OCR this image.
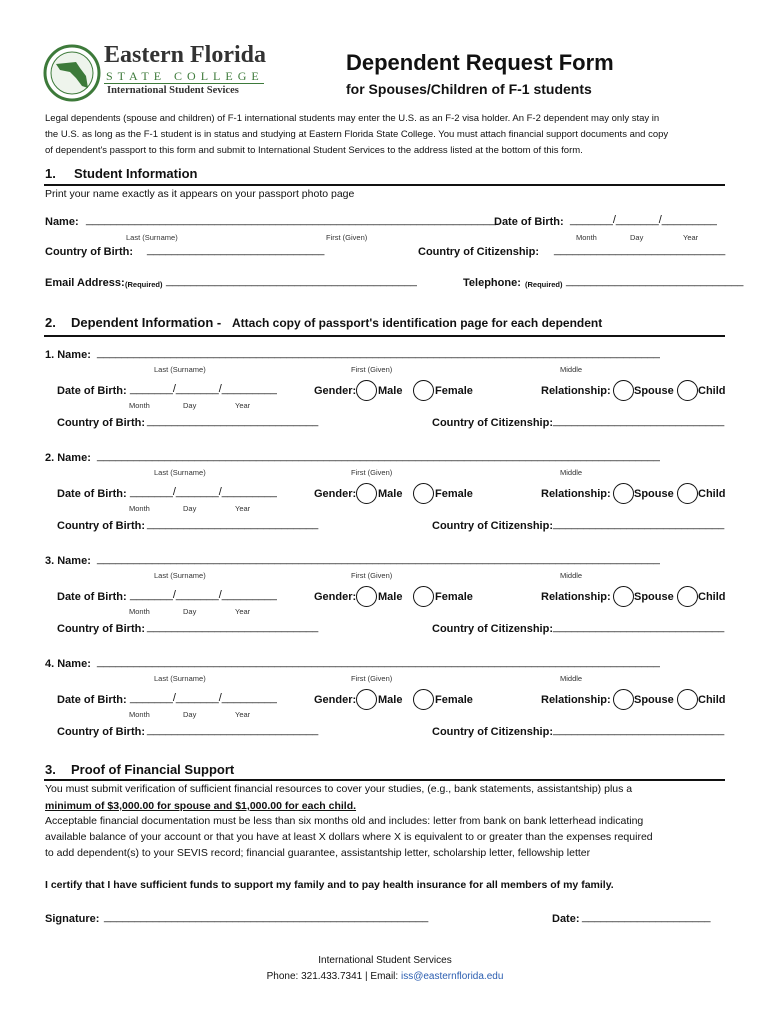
Eastern Florida
STATE COLLEGE
International Student Sevices
Dependent Request Form
for Spouses/Children of F-1 students
Legal dependents (spouse and children) of F-1 international students may enter the U.S. as an F-2 visa holder. An F-2 dependent may only stay in
the U.S. as long as the F-1 student is in status and studying at Eastern Florida State College. You must attach financial support documents and copy
of dependent's passport to this form and submit to International Student Services to the address listed at the bottom of this form.
1. Student Information
Print your name exactly as it appears on your passport photo page
Name: ___________________________________________________________________
Last (Surname)	First (Given)
Date of Birth: _______/_______/_________
Month	Day	Year
Country of Birth: _____________________________	Country of Citizenship: ____________________________
Email Address: (Required) _________________________________________	Telephone: (Required) _____________________________
2. Dependent Information - Attach copy of passport's identification page for each dependent
1. Name: ____________________________________________________________________________________________
Last (Surname)	First (Given)	Middle
Date of Birth: _______/_______/_________
Month	Day	Year
Gender: Male	Female	Relationship: Spouse Child
Country of Birth: ____________________________	Country of Citizenship: ____________________________
2. Name: ____________________________________________________________________________________________
Last (Surname)	First (Given)	Middle
Date of Birth: _______/_______/_________
Month	Day	Year
Gender: Male	Female	Relationship: Spouse Child
Country of Birth: ____________________________	Country of Citizenship: ____________________________
3. Name: ____________________________________________________________________________________________
Last (Surname)	First (Given)	Middle
Date of Birth: _______/_______/_________
Month	Day	Year
Gender: Male	Female	Relationship: Spouse Child
Country of Birth: ____________________________	Country of Citizenship: ____________________________
4. Name: ____________________________________________________________________________________________
Last (Surname)	First (Given)	Middle
Date of Birth: _______/_______/_________
Month	Day	Year
Gender: Male	Female	Relationship: Spouse Child
Country of Birth: ____________________________	Country of Citizenship: ____________________________
3. Proof of Financial Support
You must submit verification of sufficient financial resources to cover your studies, (e.g., bank statements, assistantship) plus a
minimum of $3,000.00 for spouse and $1,000.00 for each child.
Acceptable financial documentation must be less than six months old and includes: letter from bank on bank letterhead indicating
available balance of your account or that you have at least X dollars where X is equivalent to or greater than the expenses required
to add dependent(s) to your SEVIS record; financial guarantee, assistantship letter, scholarship letter, fellowship letter
I certify that I have sufficient funds to support my family and to pay health insurance for all members of my family.
Signature: _____________________________________________________	Date: _____________________
International Student Services
Phone: 321.433.7341 | Email: iss@easternflorida.edu
